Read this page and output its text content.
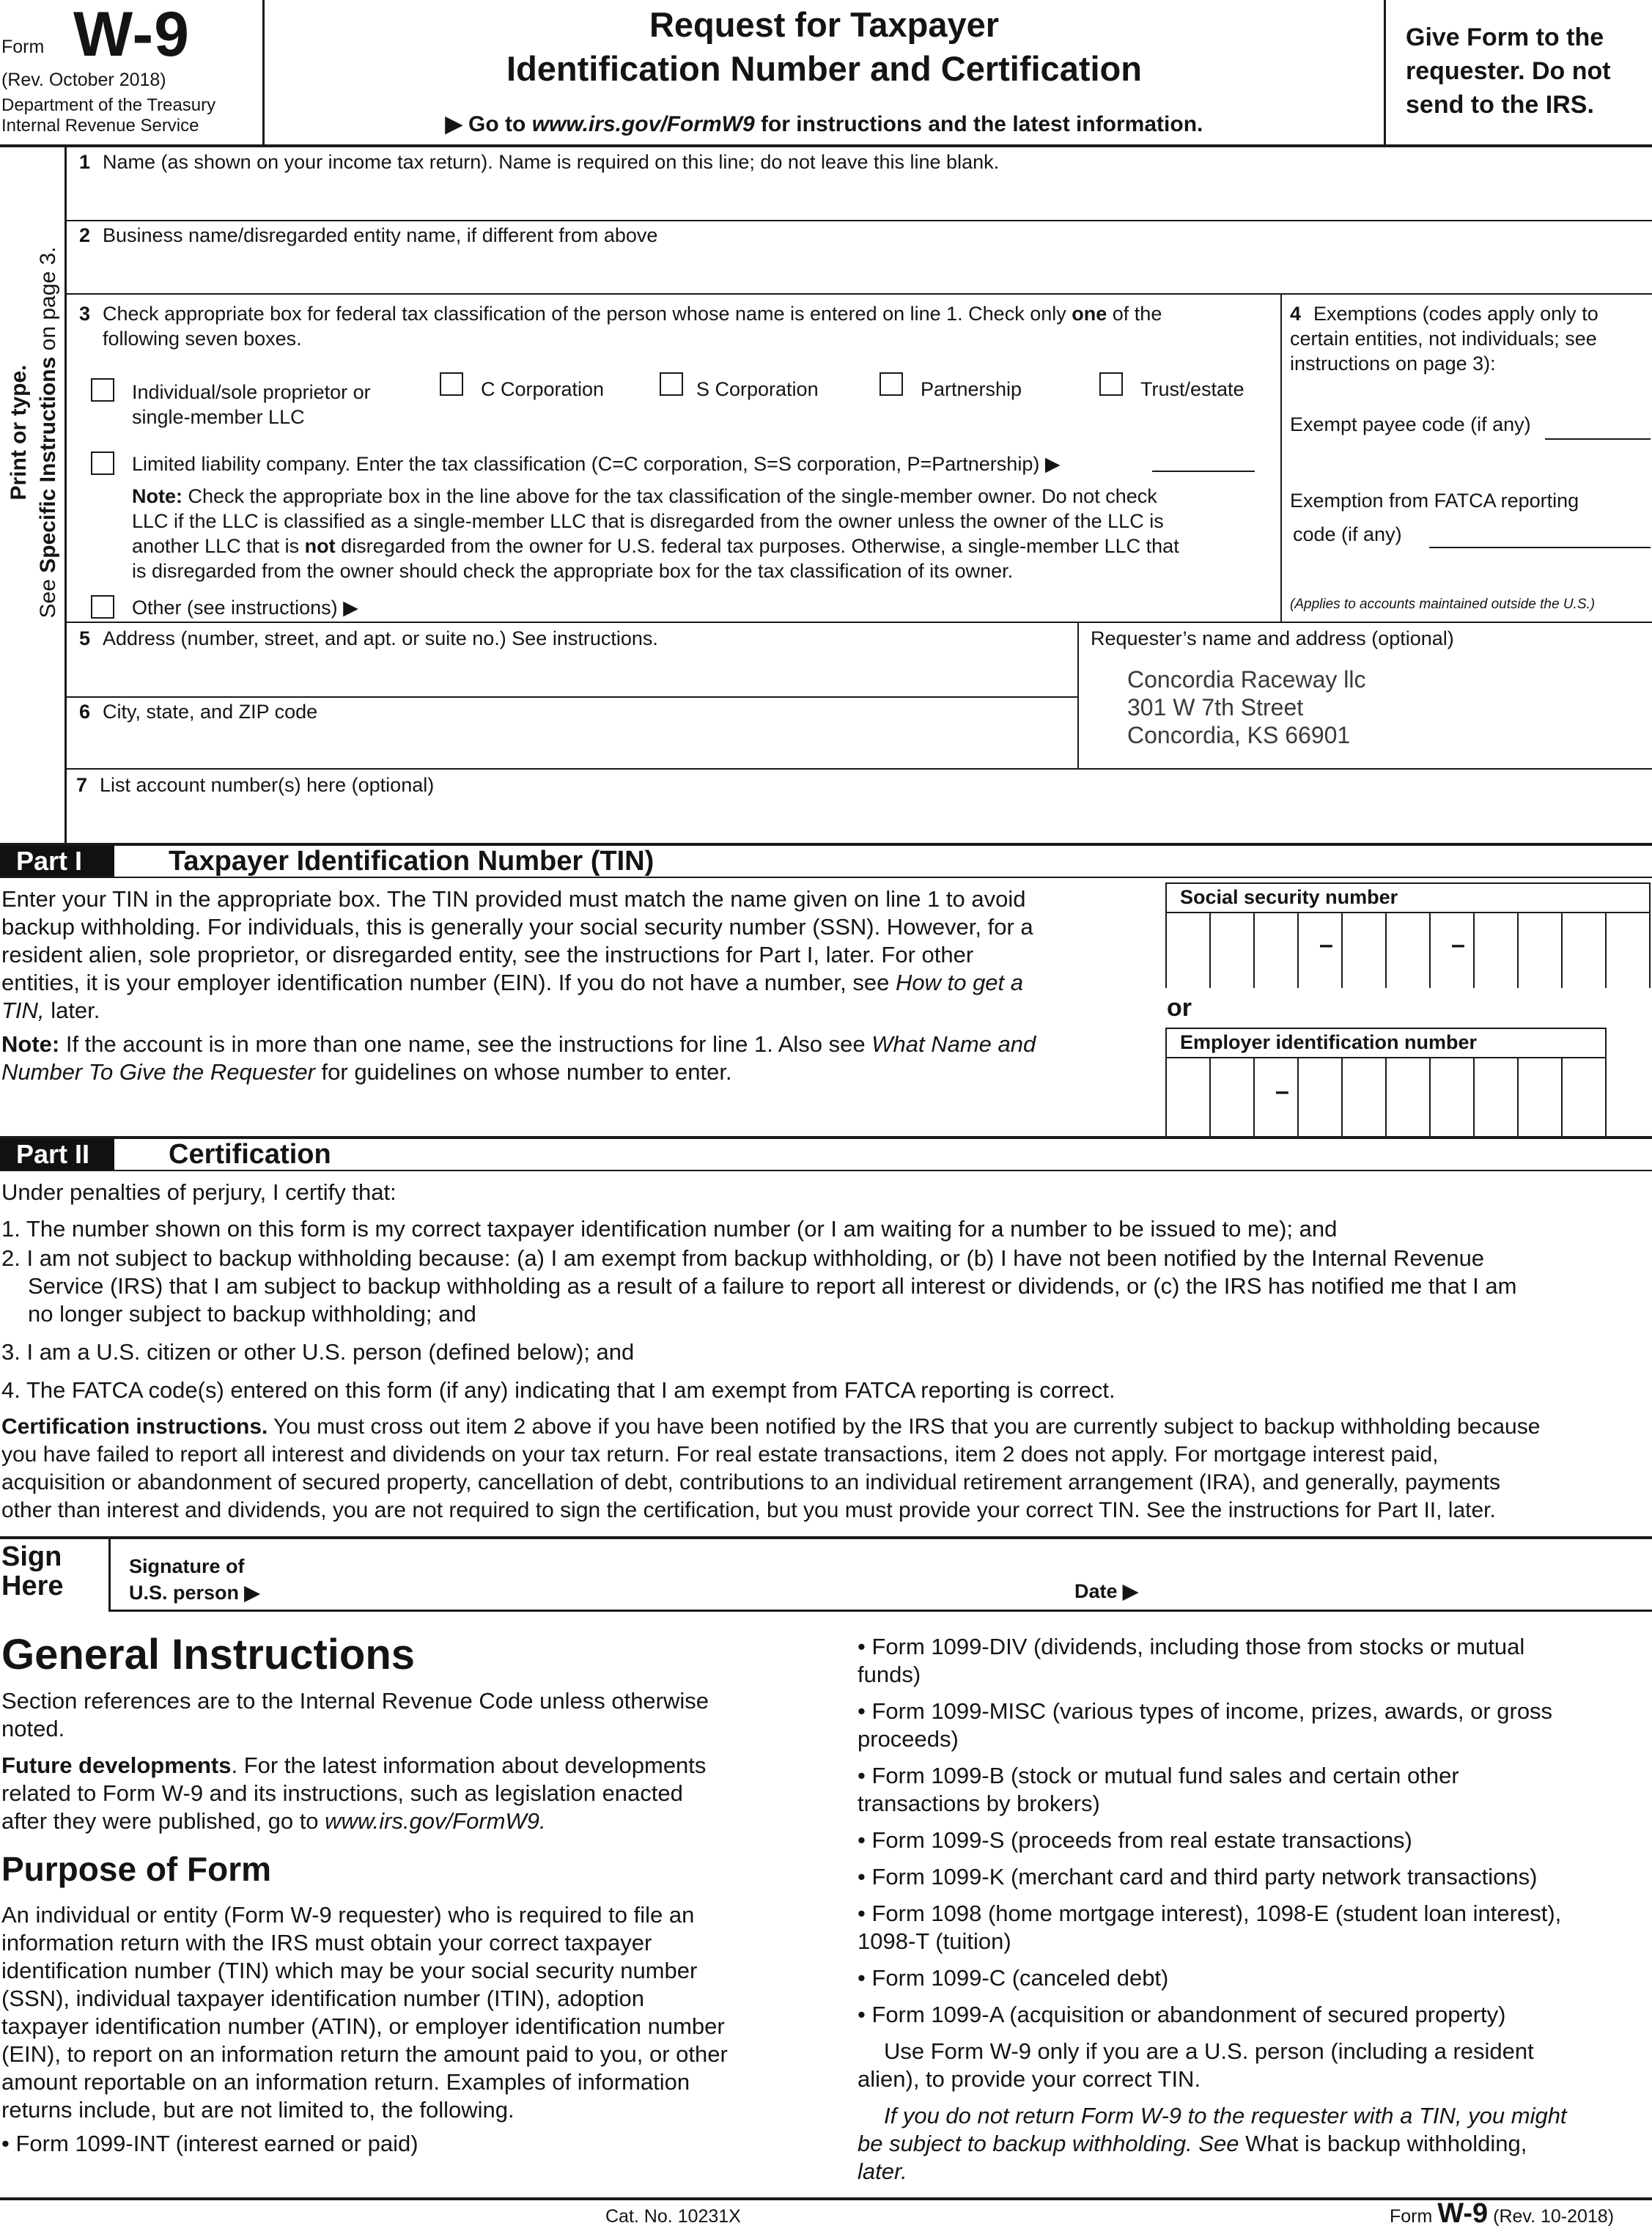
Form W-9
(Rev. October 2018)
Department of the Treasury
Internal Revenue Service
Request for Taxpayer
Identification Number and Certification
▶ Go to www.irs.gov/FormW9 for instructions and the latest information.
Give Form to the requester. Do not send to the IRS.
Print or type.
See Specific Instructions on page 3.
1 Name (as shown on your income tax return). Name is required on this line; do not leave this line blank.
2 Business name/disregarded entity name, if different from above
3 Check appropriate box for federal tax classification of the person whose name is entered on line 1. Check only one of the
following seven boxes.
Individual/sole proprietor or
single-member LLC
C Corporation	S Corporation	Partnership	Trust/estate
Limited liability company. Enter the tax classification (C=C corporation, S=S corporation, P=Partnership) ▶
Note: Check the appropriate box in the line above for the tax classification of the single-member owner. Do not check
LLC if the LLC is classified as a single-member LLC that is disregarded from the owner unless the owner of the LLC is
another LLC that is not disregarded from the owner for U.S. federal tax purposes. Otherwise, a single-member LLC that
is disregarded from the owner should check the appropriate box for the tax classification of its owner.
Other (see instructions) ▶
4 Exemptions (codes apply only to
certain entities, not individuals; see
instructions on page 3):
Exempt payee code (if any)
Exemption from FATCA reporting
code (if any)
(Applies to accounts maintained outside the U.S.)
5 Address (number, street, and apt. or suite no.) See instructions.
6 City, state, and ZIP code
Requester’s name and address (optional)
Concordia Raceway llc
301 W 7th Street
Concordia, KS 66901
7 List account number(s) here (optional)
Part I	Taxpayer Identification Number (TIN)
Enter your TIN in the appropriate box. The TIN provided must match the name given on line 1 to avoid
backup withholding. For individuals, this is generally your social security number (SSN). However, for a
resident alien, sole proprietor, or disregarded entity, see the instructions for Part I, later. For other
entities, it is your employer identification number (EIN). If you do not have a number, see How to get a
TIN, later.
Note: If the account is in more than one name, see the instructions for line 1. Also see What Name and
Number To Give the Requester for guidelines on whose number to enter.
Social security number
–	–
or
Employer identification number
–
Part II	Certification
Under penalties of perjury, I certify that:
1. The number shown on this form is my correct taxpayer identification number (or I am waiting for a number to be issued to me); and
2. I am not subject to backup withholding because: (a) I am exempt from backup withholding, or (b) I have not been notified by the Internal Revenue
Service (IRS) that I am subject to backup withholding as a result of a failure to report all interest or dividends, or (c) the IRS has notified me that I am
no longer subject to backup withholding; and
3. I am a U.S. citizen or other U.S. person (defined below); and
4. The FATCA code(s) entered on this form (if any) indicating that I am exempt from FATCA reporting is correct.
Certification instructions. You must cross out item 2 above if you have been notified by the IRS that you are currently subject to backup withholding because
you have failed to report all interest and dividends on your tax return. For real estate transactions, item 2 does not apply. For mortgage interest paid,
acquisition or abandonment of secured property, cancellation of debt, contributions to an individual retirement arrangement (IRA), and generally, payments
other than interest and dividends, you are not required to sign the certification, but you must provide your correct TIN. See the instructions for Part II, later.
Sign
Here
Signature of
U.S. person ▶	Date ▶
General Instructions
Section references are to the Internal Revenue Code unless otherwise
noted.
Future developments. For the latest information about developments
related to Form W-9 and its instructions, such as legislation enacted
after they were published, go to www.irs.gov/FormW9.
Purpose of Form
An individual or entity (Form W-9 requester) who is required to file an
information return with the IRS must obtain your correct taxpayer
identification number (TIN) which may be your social security number
(SSN), individual taxpayer identification number (ITIN), adoption
taxpayer identification number (ATIN), or employer identification number
(EIN), to report on an information return the amount paid to you, or other
amount reportable on an information return. Examples of information
returns include, but are not limited to, the following.
• Form 1099-INT (interest earned or paid)
• Form 1099-DIV (dividends, including those from stocks or mutual
funds)
• Form 1099-MISC (various types of income, prizes, awards, or gross
proceeds)
• Form 1099-B (stock or mutual fund sales and certain other
transactions by brokers)
• Form 1099-S (proceeds from real estate transactions)
• Form 1099-K (merchant card and third party network transactions)
• Form 1098 (home mortgage interest), 1098-E (student loan interest),
1098-T (tuition)
• Form 1099-C (canceled debt)
• Form 1099-A (acquisition or abandonment of secured property)
Use Form W-9 only if you are a U.S. person (including a resident
alien), to provide your correct TIN.
If you do not return Form W-9 to the requester with a TIN, you might
be subject to backup withholding. See What is backup withholding,
later.
Cat. No. 10231X	Form W-9 (Rev. 10-2018)
